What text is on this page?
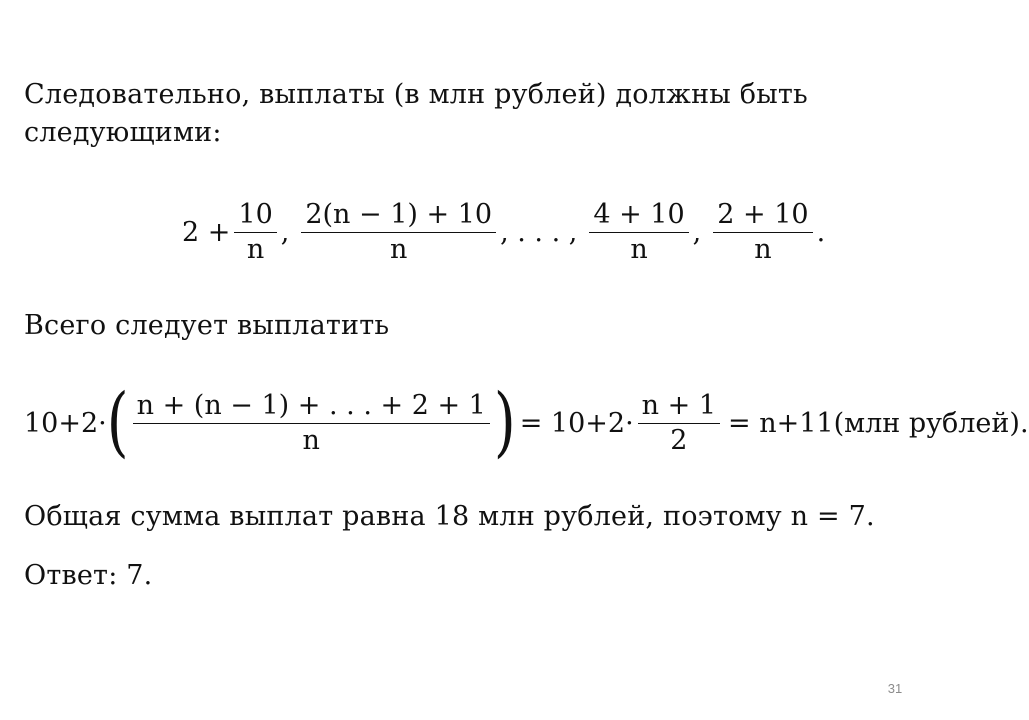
Следовательно, выплаты (в млн рублей) должны быть
следующими:
$2 + \frac{10}{n}$ , $\frac{2(n - 1) + 10}{n}$ , . . . , $\frac{4 + 10}{n}$ , $\frac{2 + 10}{n}$ .
Всего следует выплатить
10+2· ( $\frac{n + (n - 1) + . . . + 2 + 1}{n}$ ) = $10+2\cdot \frac{n + 1}{2} = n+11(млн$ рублей).
Общая сумма выплат равна 18 млн рублей, поэтому n = 7.
Ответ: 7.
31
